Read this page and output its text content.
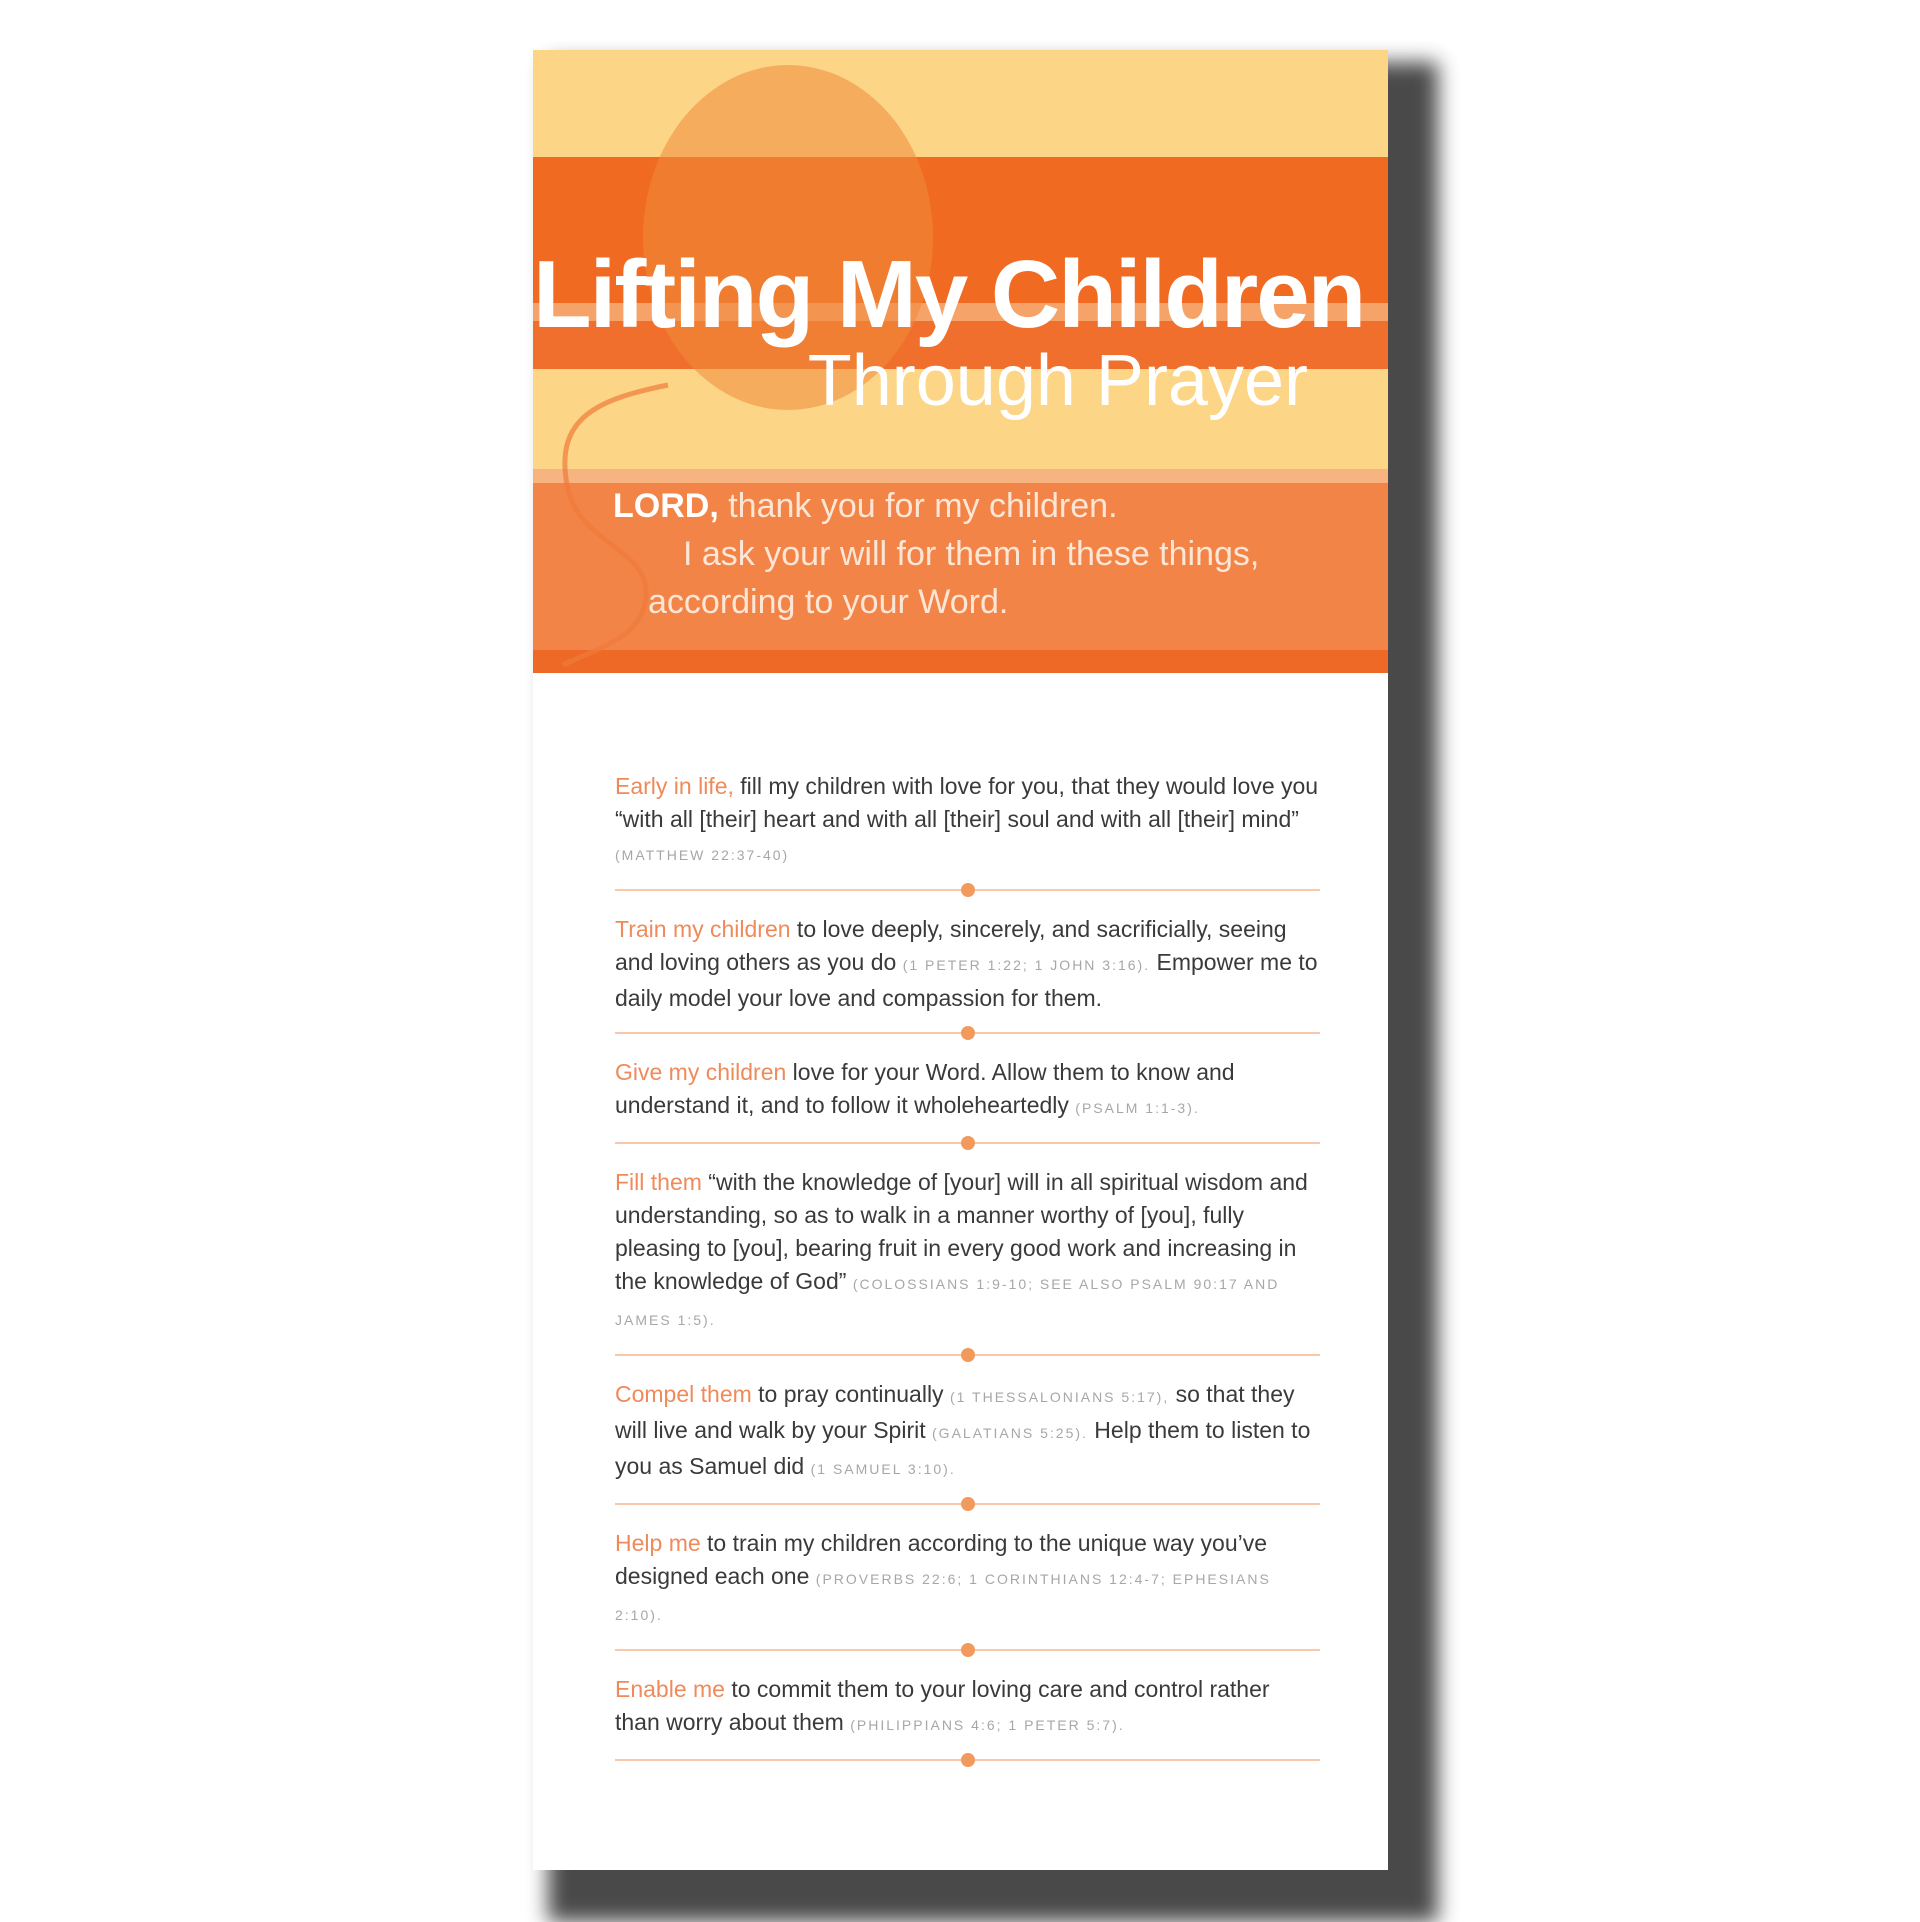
Lifting My Children
Through Prayer
LORD, thank you for my children.
I ask your will for them in these things,
according to your Word.

Early in life, fill my children with love for you, that they would love you “with all [their] heart and with all [their] soul and with all [their] mind” (MATTHEW 22:37-40)

Train my children to love deeply, sincerely, and sacrificially, seeing and loving others as you do (1 PETER 1:22; 1 JOHN 3:16). Empower me to daily model your love and compassion for them.

Give my children love for your Word. Allow them to know and understand it, and to follow it wholeheartedly (PSALM 1:1-3).

Fill them “with the knowledge of [your] will in all spiritual wisdom and understanding, so as to walk in a manner worthy of [you], fully pleasing to [you], bearing fruit in every good work and increasing in the knowledge of God” (COLOSSIANS 1:9-10; SEE ALSO PSALM 90:17 AND JAMES 1:5).

Compel them to pray continually (1 THESSALONIANS 5:17), so that they will live and walk by your Spirit (GALATIANS 5:25). Help them to listen to you as Samuel did (1 SAMUEL 3:10).

Help me to train my children according to the unique way you’ve designed each one (PROVERBS 22:6; 1 CORINTHIANS 12:4-7; EPHESIANS 2:10).

Enable me to commit them to your loving care and control rather than worry about them (PHILIPPIANS 4:6; 1 PETER 5:7).
